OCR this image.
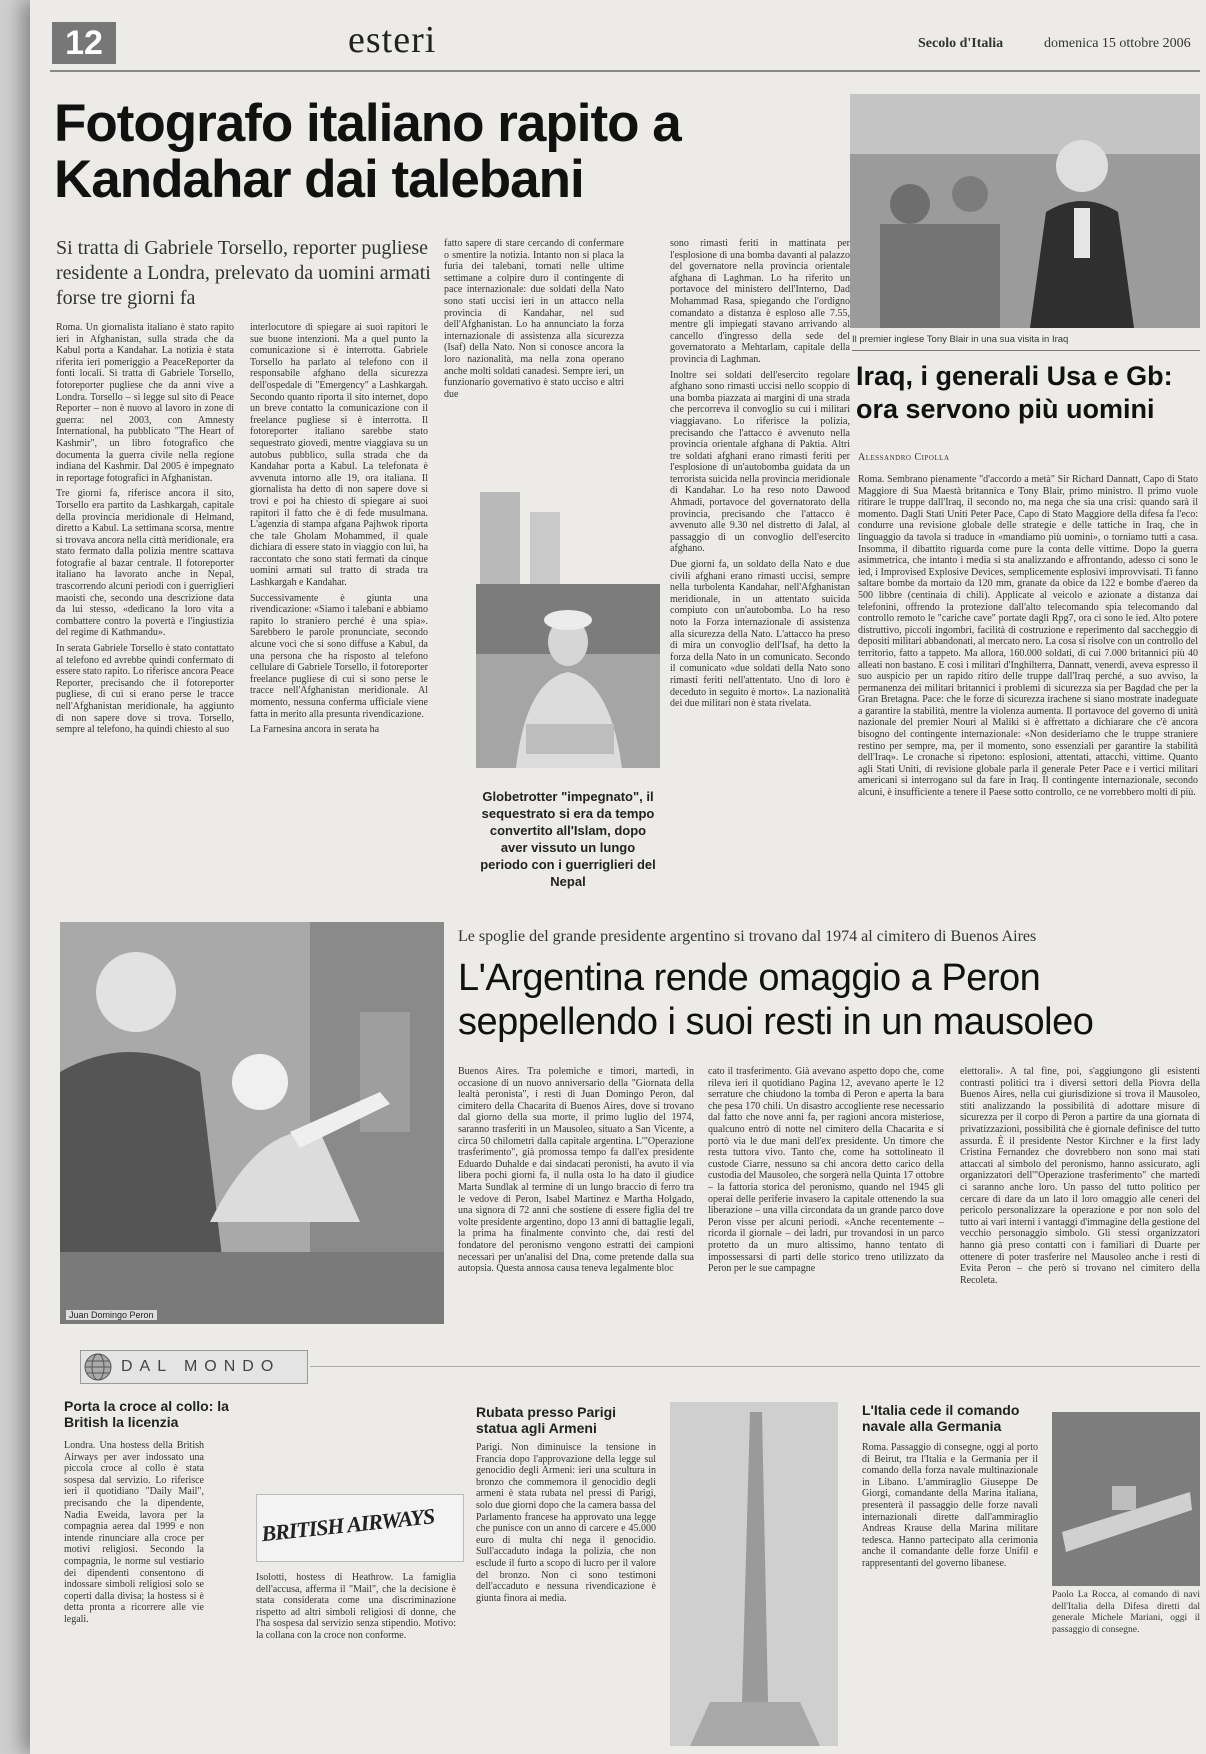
12	esteri	Secolo d'Italia	domenica 15 ottobre 2006
Fotografo italiano rapito a Kandahar dai talebani
Si tratta di Gabriele Torsello, reporter pugliese residente a Londra, prelevato da uomini armati forse tre giorni fa

Roma. Un giornalista italiano è stato rapito ieri in Afghanistan, sulla strada che da Kabul porta a Kandahar. La notizia è stata riferita ieri pomeriggio a PeaceReporter da fonti locali. Si tratta di Gabriele Torsello, fotoreporter pugliese che da anni vive a Londra. Torsello – si legge sul sito di Peace Reporter – non è nuovo al lavoro in zone di guerra: nel 2003, con Amnesty International, ha pubblicato "The Heart of Kashmir", un libro fotografico che documenta la guerra civile nella regione indiana del Kashmir. Dal 2005 è impegnato in reportage fotografici in Afghanistan.

Tre giorni fa, riferisce ancora il sito, Torsello era partito da Lashkargah, capitale della provincia meridionale di Helmand, diretto a Kabul. La settimana scorsa, mentre si trovava ancora nella città meridionale, era stato fermato dalla polizia mentre scattava fotografie al bazar centrale. Il fotoreporter italiano ha lavorato anche in Nepal, trascorrendo alcuni periodi con i guerriglieri maoisti che, secondo una descrizione data da lui stesso, «dedicano la loro vita a combattere contro la povertà e l'ingiustizia del regime di Kathmandu».

In serata Gabriele Torsello è stato contattato al telefono ed avrebbe quindi confermato di essere stato rapito. Lo riferisce ancora Peace Reporter, precisando che il fotoreporter pugliese, di cui si erano perse le tracce nell'Afghanistan meridionale, ha aggiunto di non sapere dove si trova. Torsello, sempre al telefono, ha quindi chiesto al suo

interlocutore di spiegare ai suoi rapitori le sue buone intenzioni. Ma a quel punto la comunicazione si è interrotta. Gabriele Torsello ha parlato al telefono con il responsabile afghano della sicurezza dell'ospedale di "Emergency" a Lashkargah. Secondo quanto riporta il sito internet, dopo un breve contatto la comunicazione con il freelance pugliese si è interrotta. Il fotoreporter italiano sarebbe stato sequestrato giovedì, mentre viaggiava su un autobus pubblico, sulla strada che da Kandahar porta a Kabul. La telefonata è avvenuta intorno alle 19, ora italiana. Il giornalista ha detto di non sapere dove si trovi e poi ha chiesto di spiegare ai suoi rapitori il fatto che è di fede musulmana. L'agenzia di stampa afgana Pajhwok riporta che tale Gholam Mohammed, il quale dichiara di essere stato in viaggio con lui, ha raccontato che sono stati fermati da cinque uomini armati sul tratto di strada tra Lashkargah e Kandahar.

Successivamente è giunta una rivendicazione: «Siamo i talebani e abbiamo rapito lo straniero perché è una spia». Sarebbero le parole pronunciate, secondo alcune voci che si sono diffuse a Kabul, da una persona che ha risposto al telefono cellulare di Gabriele Torsello, il fotoreporter freelance pugliese di cui si sono perse le tracce nell'Afghanistan meridionale. Al momento, nessuna conferma ufficiale viene fatta in merito alla presunta rivendicazione.

La Farnesina ancora in serata ha

fatto sapere di stare cercando di confermare o smentire la notizia. Intanto non si placa la furia dei talebani, tornati nelle ultime settimane a colpire duro il contingente di pace internazionale: due soldati della Nato sono stati uccisi ieri in un attacco nella provincia di Kandahar, nel sud dell'Afghanistan. Lo ha annunciato la forza internazionale di assistenza alla sicurezza (Isaf) della Nato. Non si conosce ancora la loro nazionalità, ma nella zona operano anche molti soldati canadesi. Sempre ieri, un funzionario governativo è stato ucciso e altri due
Globetrotter "impegnato", il sequestrato si era da tempo convertito all'Islam, dopo aver vissuto un lungo periodo con i guerriglieri del Nepal

sono rimasti feriti in mattinata per l'esplosione di una bomba davanti al palazzo del governatore nella provincia orientale afghana di Laghman. Lo ha riferito un portavoce del ministero dell'Interno, Dad Mohammad Rasa, spiegando che l'ordigno comandato a distanza è esploso alle 7.55, mentre gli impiegati stavano arrivando al cancello d'ingresso della sede del governatorato a Mehtarlam, capitale della provincia di Laghman.

Inoltre sei soldati dell'esercito regolare afghano sono rimasti uccisi nello scoppio di una bomba piazzata ai margini di una strada che percorreva il convoglio su cui i militari viaggiavano. Lo riferisce la polizia, precisando che l'attacco è avvenuto nella provincia orientale afghana di Paktia. Altri tre soldati afghani erano rimasti feriti per l'esplosione di un'autobomba guidata da un terrorista suicida nella provincia meridionale di Kandahar. Lo ha reso noto Dawood Ahmadi, portavoce del governatorato della provincia, precisando che l'attacco è avvenuto alle 9.30 nel distretto di Jalal, al passaggio di un convoglio dell'esercito afghano.

Due giorni fa, un soldato della Nato e due civili afghani erano rimasti uccisi, sempre nella turbolenta Kandahar, nell'Afghanistan meridionale, in un attentato suicida compiuto con un'autobomba. Lo ha reso noto la Forza internazionale di assistenza alla sicurezza della Nato. L'attacco ha preso di mira un convoglio dell'Isaf, ha detto la forza della Nato in un comunicato. Secondo il comunicato «due soldati della Nato sono rimasti feriti nell'attentato. Uno di loro è deceduto in seguito è morto». La nazionalità dei due militari non è stata rivelata.

Il premier inglese Tony Blair in una sua visita in Iraq
Iraq, i generali Usa e Gb: ora servono più uomini
Alessandro Cipolla
Roma. Sembrano pienamente "d'accordo a metà" Sir Richard Dannatt, Capo di Stato Maggiore di Sua Maestà britannica e Tony Blair, primo ministro. Il primo vuole ritirare le truppe dall'Iraq, il secondo no, ma nega che sia una crisi: quando sarà il momento. Dagli Stati Uniti Peter Pace, Capo di Stato Maggiore della difesa fa l'eco: condurre una revisione globale delle strategie e delle tattiche in Iraq, che in linguaggio da tavola si traduce in «mandiamo più uomini», o torniamo tutti a casa. Insomma, il dibattito riguarda come pure la conta delle vittime. Dopo la guerra asimmetrica, che intanto i media si sta analizzando e affrontando, adesso ci sono le ied, i Improvised Explosive Devices, semplicemente esplosivi improvvisati. Ti fanno saltare bombe da mortaio da 120 mm, granate da obice da 122 e bombe d'aereo da 500 libbre (centinaia di chili). Applicate al veicolo e azionate a distanza dai telefonini, offrendo la protezione dall'alto telecomando spia telecomando dal controllo remoto le "cariche cave" portate dagli Rpg7, ora ci sono le ied. Alto potere distruttivo, piccoli ingombri, facilità di costruzione e reperimento dal saccheggio di depositi militari abbandonati, al mercato nero. La cosa si risolve con un controllo del territorio, fatto a tappeto. Ma allora, 160.000 soldati, di cui 7.000 britannici più 40 alleati non bastano. E così i militari d'Inghilterra, Dannatt, venerdì, aveva espresso il suo auspicio per un rapido ritiro delle truppe dall'Iraq perché, a suo avviso, la permanenza dei militari britannici i problemi di sicurezza sia per Bagdad che per la Gran Bretagna. Pace: che le forze di sicurezza irachene si siano mostrate inadeguate a garantire la stabilità, mentre la violenza aumenta. Il portavoce del governo di unità nazionale del premier Nouri al Maliki si è affrettato a dichiarare che c'è ancora bisogno del contingente internazionale: «Non desideriamo che le truppe straniere restino per sempre, ma, per il momento, sono essenziali per garantire la stabilità dell'Iraq». Le cronache si ripetono: esplosioni, attentati, attacchi, vittime. Quanto agli Stati Uniti, di revisione globale parla il generale Peter Pace e i vertici militari americani si interrogano sul da fare in Iraq. Il contingente internazionale, secondo alcuni, è insufficiente a tenere il Paese sotto controllo, ce ne vorrebbero molti di più.
Juan Domingo Peron
Le spoglie del grande presidente argentino si trovano dal 1974 al cimitero di Buenos Aires
L'Argentina rende omaggio a Peron seppellendo i suoi resti in un mausoleo
Buenos Aires. Tra polemiche e timori, martedì, in occasione di un nuovo anniversario della "Giornata della lealtà peronista", i resti di Juan Domingo Peron, dal cimitero della Chacarita di Buenos Aires, dove si trovano dal giorno della sua morte, il primo luglio del 1974, saranno trasferiti in un Mausoleo, situato a San Vicente, a circa 50 chilometri dalla capitale argentina. L'"Operazione trasferimento", già promossa tempo fa dall'ex presidente Eduardo Duhalde e dai sindacati peronisti, ha avuto il via libera pochi giorni fa, il nulla osta lo ha dato il giudice Marta Sundlak al termine di un lungo braccio di ferro tra le vedove di Peron, Isabel Martinez e Martha Holgado, una signora di 72 anni che sostiene di essere figlia del tre volte presidente argentino, dopo 13 anni di battaglie legali, la prima ha finalmente convinto che, dai resti del fondatore del peronismo vengono estratti dei campioni necessari per un'analisi del Dna, come pretende dalla sua autopsia. Questa annosa causa teneva legalmente bloc
cato il trasferimento. Già avevano aspetto dopo che, come rileva ieri il quotidiano Pagina 12, avevano aperte le 12 serrature che chiudono la tomba di Peron e aperta la bara che pesa 170 chili. Un disastro accogliente rese necessario dal fatto che nove anni fa, per ragioni ancora misteriose, qualcuno entrò di notte nel cimitero della Chacarita e si portò via le due mani dell'ex presidente. Un timore che resta tuttora vivo. Tanto che, come ha sottolineato il custode Ciarre, nessuno sa chi ancora detto carico della custodia del Mausoleo, che sorgerà nella Quinta 17 ottobre – la fattoria storica del peronismo, quando nel 1945 gli operai delle periferie invasero la capitale ottenendo la sua liberazione – una villa circondata da un grande parco dove Peron visse per alcuni periodi. «Anche recentemente – ricorda il giornale – dei ladri, pur trovandosi in un parco protetto da un muro altissimo, hanno tentato di impossessarsi di parti delle storico treno utilizzato da Peron per le sue campagne
elettorali». A tal fine, poi, s'aggiungono gli esistenti contrasti politici tra i diversi settori della Piovra della Buenos Aires, nella cui giurisdizione si trova il Mausoleo, stiti analizzando la possibilità di adottare misure di sicurezza per il corpo di Peron a partire da una giornata di privatizzazioni, possibilità che è giornale definisce del tutto assurda. È il presidente Nestor Kirchner e la first lady Cristina Fernandez che dovrebbero non sono mai stati attaccati al simbolo del peronismo, hanno assicurato, agli organizzatori dell'"Operazione trasferimento" che martedì ci saranno anche loro. Un passo del tutto politico per cercare di dare da un lato il loro omaggio alle ceneri del pericolo personalizzare la operazione e por non solo del tutto ai vari interni i vantaggi d'immagine della gestione del vecchio personaggio simbolo. Gli stessi organizzatori hanno già preso contatti con i familiari di Duarte per ottenere di poter trasferire nel Mausoleo anche i resti di Evita Peron – che però si trovano nel cimitero della Recoleta.
DAL MONDO
Porta la croce al collo: la British la licenzia
Londra. Una hostess della British Airways per aver indossato una piccola croce al collo è stata sospesa dal servizio. Lo riferisce ieri il quotidiano "Daily Mail", precisando che la dipendente, Nadia Eweida, lavora per la compagnia aerea dal 1999 e non intende rinunciare alla croce per motivi religiosi. Secondo la compagnia, le norme sul vestiario dei dipendenti consentono di indossare simboli religiosi solo se coperti dalla divisa; la hostess si è detta pronta a ricorrere alle vie legali.
BRITISH AIRWAYS
Isolotti, hostess di Heathrow. La famiglia dell'accusa, afferma il "Mail", che la decisione è stata considerata come una discriminazione rispetto ad altri simboli religiosi di donne, che l'ha sospesa dal servizio senza stipendio. Motivo: la collana con la croce non conforme.
Rubata presso Parigi statua agli Armeni
Parigi. Non diminuisce la tensione in Francia dopo l'approvazione della legge sul genocidio degli Armeni: ieri una scultura in bronzo che commemora il genocidio degli armeni è stata rubata nel pressi di Parigi, solo due giorni dopo che la camera bassa del Parlamento francese ha approvato una legge che punisce con un anno di carcere e 45.000 euro di multa chi nega il genocidio. Sull'accaduto indaga la polizia, che non esclude il furto a scopo di lucro per il valore del bronzo. Non ci sono testimoni dell'accaduto e nessuna rivendicazione è giunta finora ai media.
L'Italia cede il comando navale alla Germania
Roma. Passaggio di consegne, oggi al porto di Beirut, tra l'Italia e la Germania per il comando della forza navale multinazionale in Libano. L'ammiraglio Giuseppe De Giorgi, comandante della Marina italiana, presenterà il passaggio delle forze navali internazionali dirette dall'ammiraglio Andreas Krause della Marina militare tedesca. Hanno partecipato alla cerimonia anche il comandante delle forze Unifil e rappresentanti del governo libanese.
Paolo La Rocca, al comando di navi dell'Italia della Difesa diretti dal generale Michele Mariani, oggi il passaggio di consegne.
